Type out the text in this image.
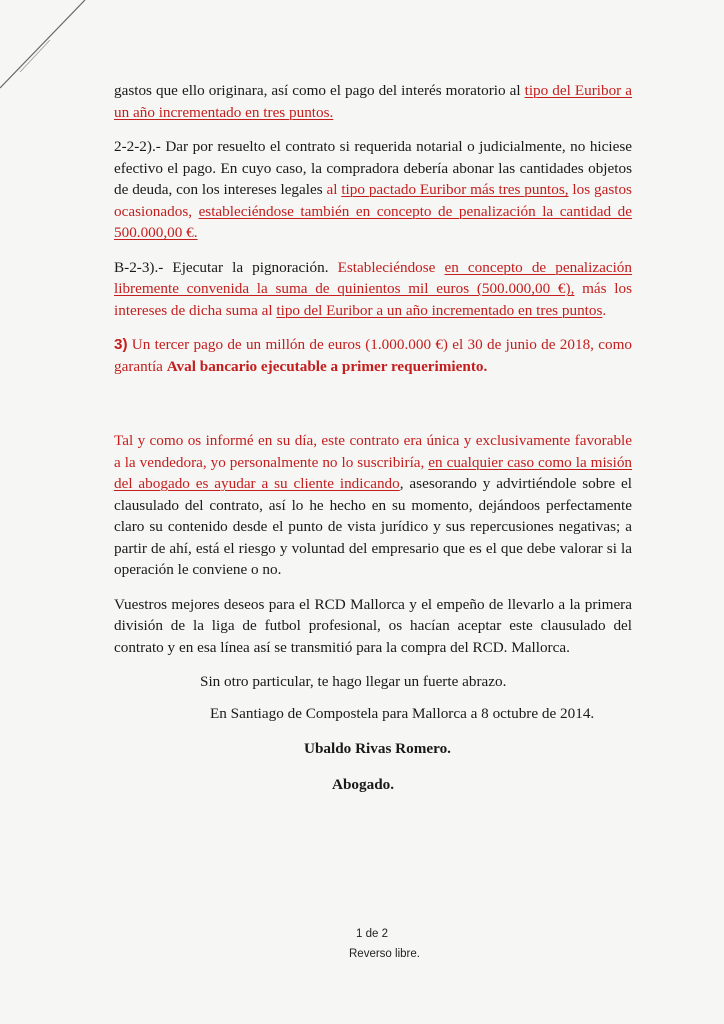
gastos que ello originara, así como el pago del interés moratorio al tipo del Euribor a un año incrementado en tres puntos.

2-2-2).- Dar por resuelto el contrato si requerida notarial o judicialmente, no hiciese efectivo el pago. En cuyo caso, la compradora debería abonar las cantidades objetos de deuda, con los intereses legales al tipo pactado Euribor más tres puntos, los gastos ocasionados, estableciéndose también en concepto de penalización la cantidad de 500.000,00 €.

B-2-3).- Ejecutar la pignoración. Estableciéndose en concepto de penalización libremente convenida la suma de quinientos mil euros (500.000,00 €), más los intereses de dicha suma al tipo del Euribor a un año incrementado en tres puntos.

3) Un tercer pago de un millón de euros (1.000.000 €) el 30 de junio de 2018, como garantía Aval bancario ejecutable a primer requerimiento.

Tal y como os informé en su día, este contrato era única y exclusivamente favorable a la vendedora, yo personalmente no lo suscribiría, en cualquier caso como la misión del abogado es ayudar a su cliente indicando, asesorando y advirtiéndole sobre el clausulado del contrato, así lo he hecho en su momento, dejándoos perfectamente claro su contenido desde el punto de vista jurídico y sus repercusiones negativas; a partir de ahí, está el riesgo y voluntad del empresario que es el que debe valorar si la operación le conviene o no.

Vuestros mejores deseos para el RCD Mallorca y el empeño de llevarlo a la primera división de la liga de futbol profesional, os hacían aceptar este clausulado del contrato y en esa línea así se transmitió para la compra del RCD. Mallorca.

Sin otro particular, te hago llegar un fuerte abrazo.

En Santiago de Compostela para Mallorca a 8 octubre de 2014.

Ubaldo Rivas Romero.

Abogado.

1 de 2
Reverso libre.
